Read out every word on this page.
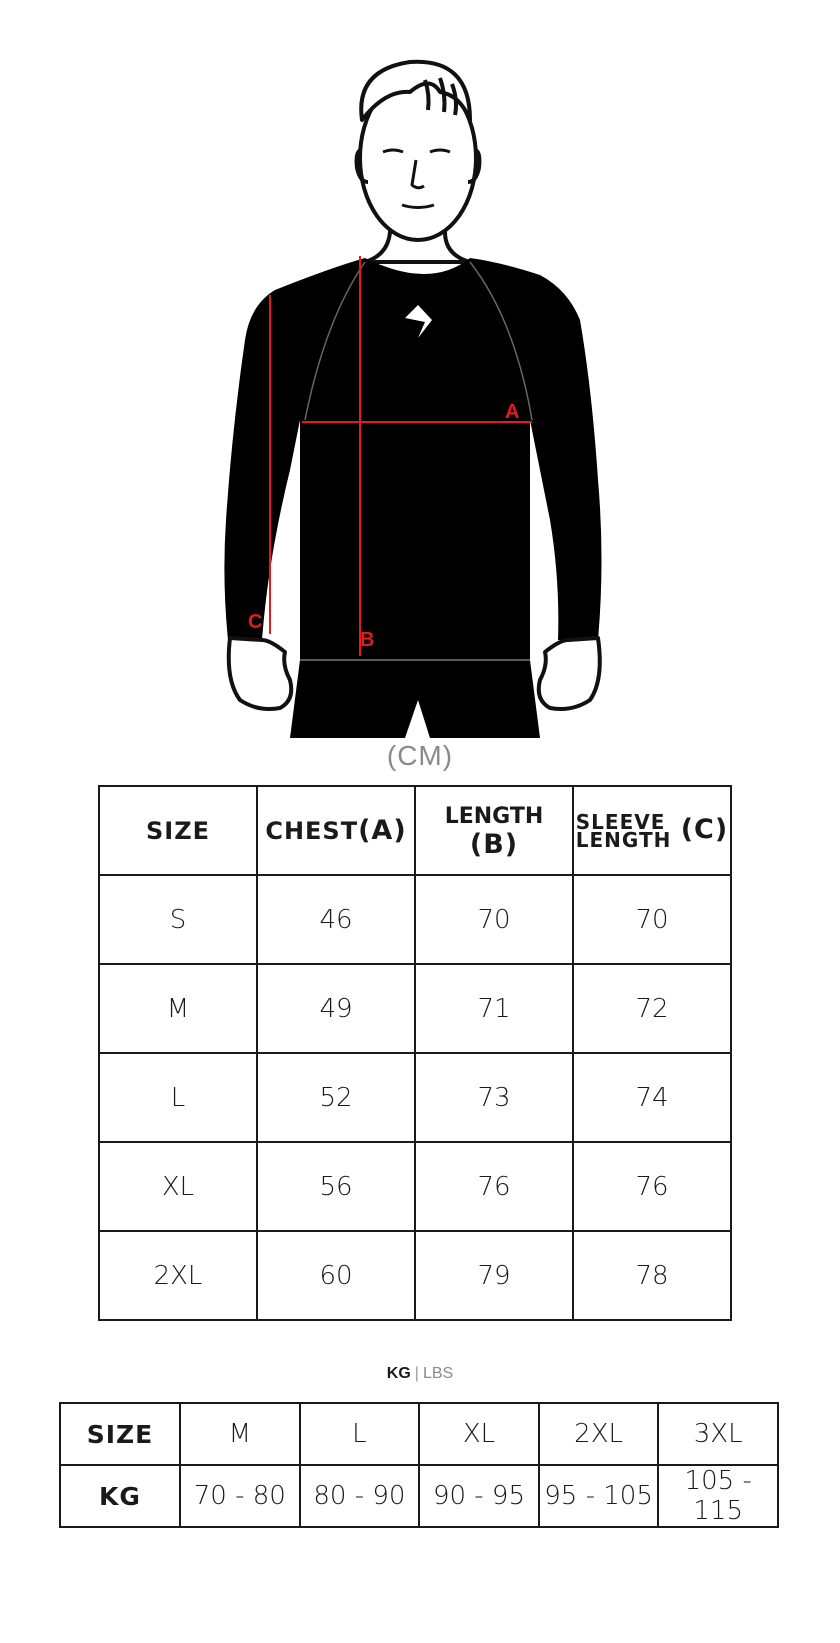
A
B
C
(CM)
SIZE	CHEST(A)	LENGTH (B)	SLEEVE
LENGTH (C)
S	46	70	70
M	49	71	72
L	52	73	74
XL	56	76	76
2XL	60	79	78
KG | LBS
SIZE	M	L	XL	2XL	3XL
KG	70 - 80	80 - 90	90 - 95	95 - 105	105 - 115
